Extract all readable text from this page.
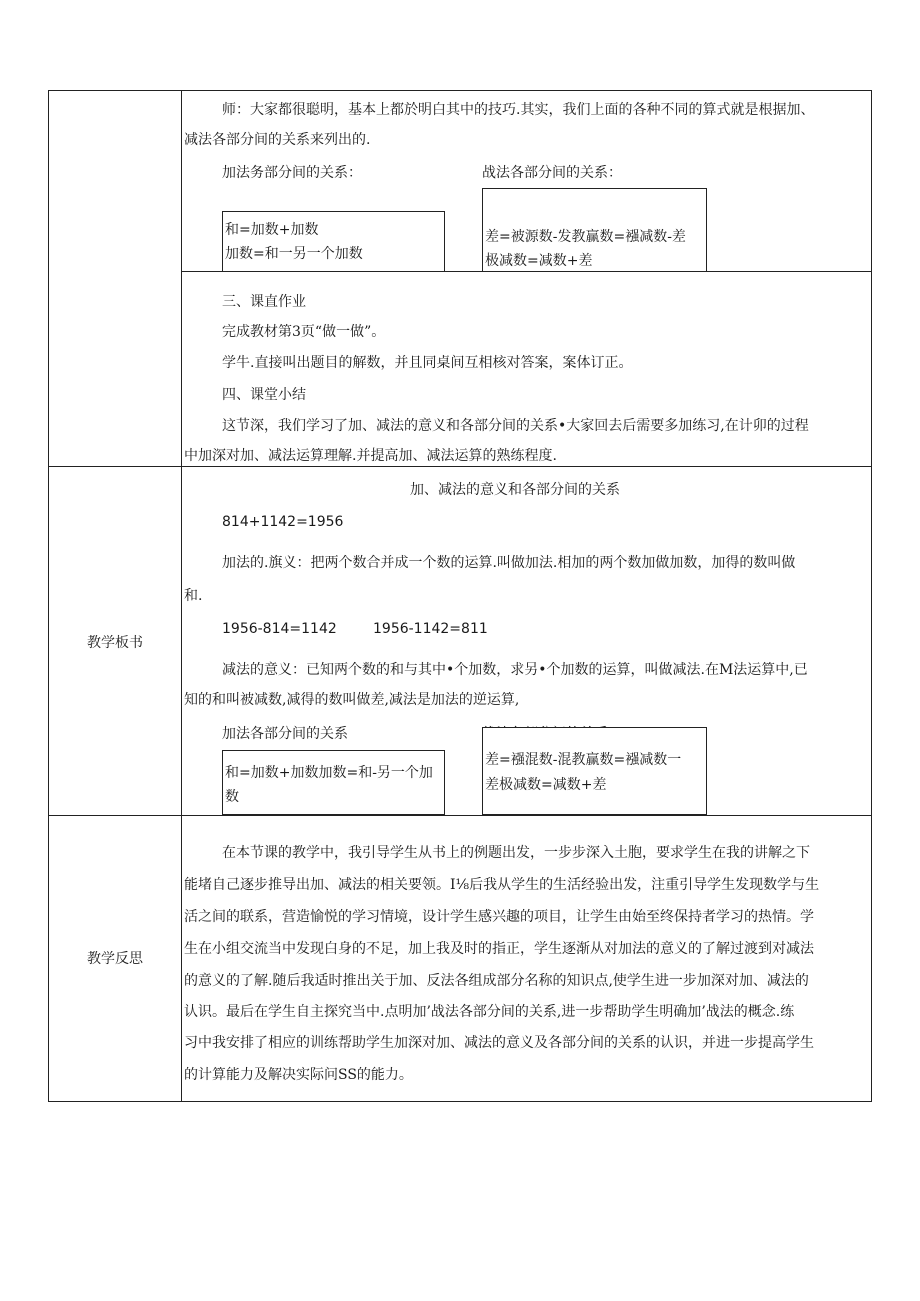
师：大家都很聪明，基本上都於明白其中的技巧.其实，我们上面的各种不同的算式就是根据加、
减法各部分间的关系来列出的.
加法务部分间的关系：	战法各部分间的关系：
和=加数+加数
加数=和一另一个加数
差=被源数-发教赢数=襁减数-差
极减数=减数+差
三、课直作业
完成教材第3页“做一做”。
学牛.直接叫出题目的解数，并且同桌间互相核对答案，案体订正。
四、课堂小结
这节深，我们学习了加、减法的意义和各部分间的关系•大家回去后需要多加练习,在计卯的过程
中加深对加、减法运算理解.并提高加、减法运算的熟练程度.
教学板书
加、减法的意义和各部分间的关系
814+1142=1956
加法的.旗义：把两个数合并成一个数的运算.叫做加法.相加的两个数加做加数，加得的数叫做
和.
1956-814=1142	1956-1142=811
减法的意义：已知两个数的和与其中•个加数，求另•个加数的运算，叫做减法.在M法运算中,已
知的和叫被减数,减得的数叫做差,减法是加法的逆运算,
加法各部分间的关系
和=加数+加数加数=和-另一个加
数
差=襁混数-混教赢数=襁减数一
差极减数=减数+差
教学反思
在本节课的教学中，我引导学生从书上的例题出发，一步步深入土胞，要求学生在我的讲解之下
能堵自己逐步推导出加、减法的相关要领。I⅛后我从学生的生活经验出发，注重引导学生发现数学与生
活之间的联系，营造愉悦的学习情境，设计学生感兴趣的项目，让学生由始至终保持者学习的热情。学
生在小组交流当中发现白身的不足，加上我及时的指正，学生逐渐从对加法的意义的了解过渡到对减法
的意义的了解.随后我适时推出关于加、反法各组成部分名称的知识点,使学生进一步加深对加、减法的
认识。最后在学生自主探究当中.点明加’战法各部分间的关系,进一步帮助学生明确加’战法的概念.练
习中我安排了相应的训练帮助学生加深对加、减法的意义及各部分间的关系的认识，并进一步提高学生
的计算能力及解决实际问SS的能力。
